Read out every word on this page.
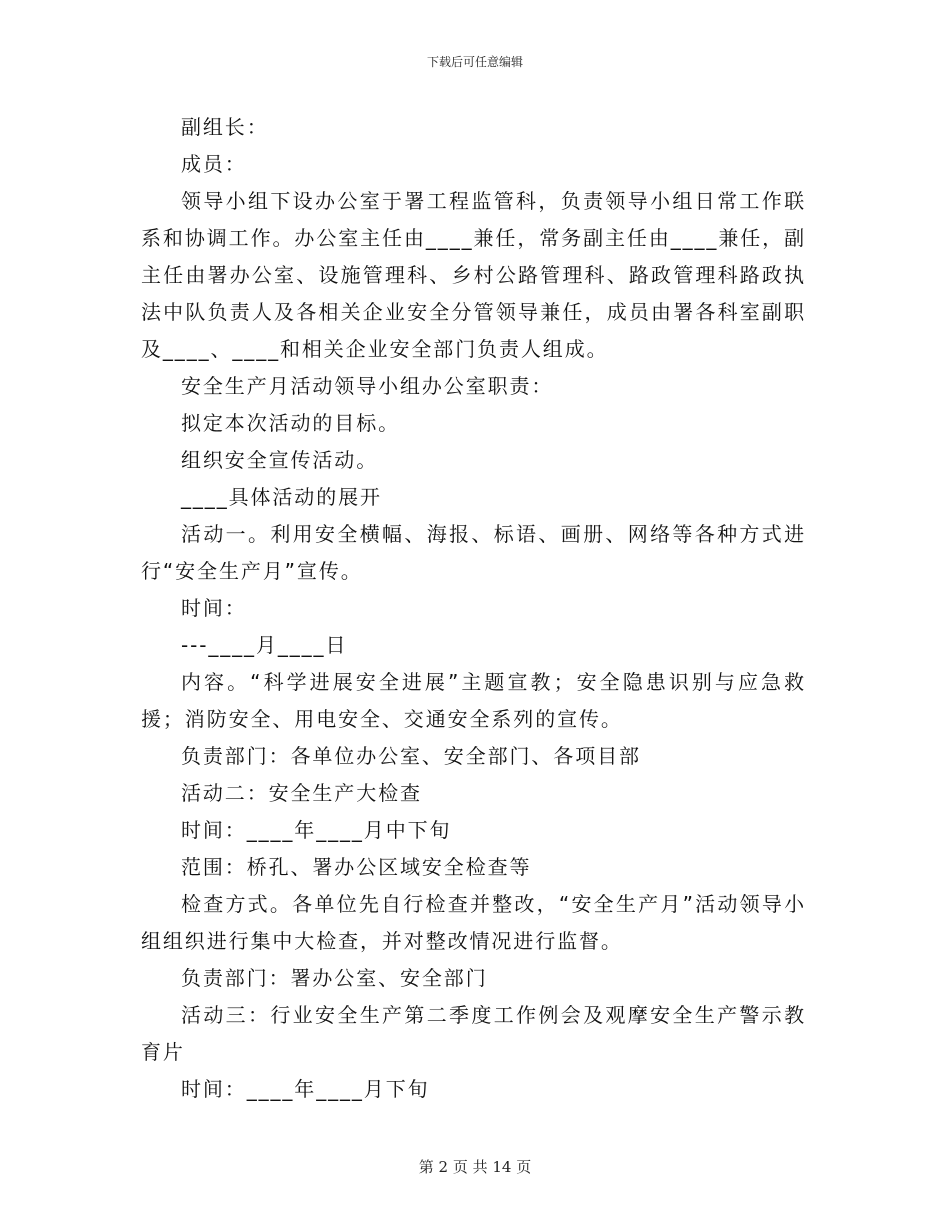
下载后可任意编辑

副组长：

成员：

领导小组下设办公室于署工程监管科，负责领导小组日常工作联系和协调工作。办公室主任由____兼任，常务副主任由____兼任，副主任由署办公室、设施管理科、乡村公路管理科、路政管理科路政执法中队负责人及各相关企业安全分管领导兼任，成员由署各科室副职及____、____和相关企业安全部门负责人组成。

安全生产月活动领导小组办公室职责：

拟定本次活动的目标。

组织安全宣传活动。

____具体活动的展开

活动一。利用安全横幅、海报、标语、画册、网络等各种方式进行“安全生产月”宣传。

时间：

---____月____日

内容。“科学进展安全进展”主题宣教；安全隐患识别与应急救援；消防安全、用电安全、交通安全系列的宣传。

负责部门：各单位办公室、安全部门、各项目部

活动二：安全生产大检查

时间：____年____月中下旬

范围：桥孔、署办公区域安全检查等

检查方式。各单位先自行检查并整改，“安全生产月”活动领导小组组织进行集中大检查，并对整改情况进行监督。

负责部门：署办公室、安全部门

活动三：行业安全生产第二季度工作例会及观摩安全生产警示教育片

时间：____年____月下旬

第 2 页 共 14 页
